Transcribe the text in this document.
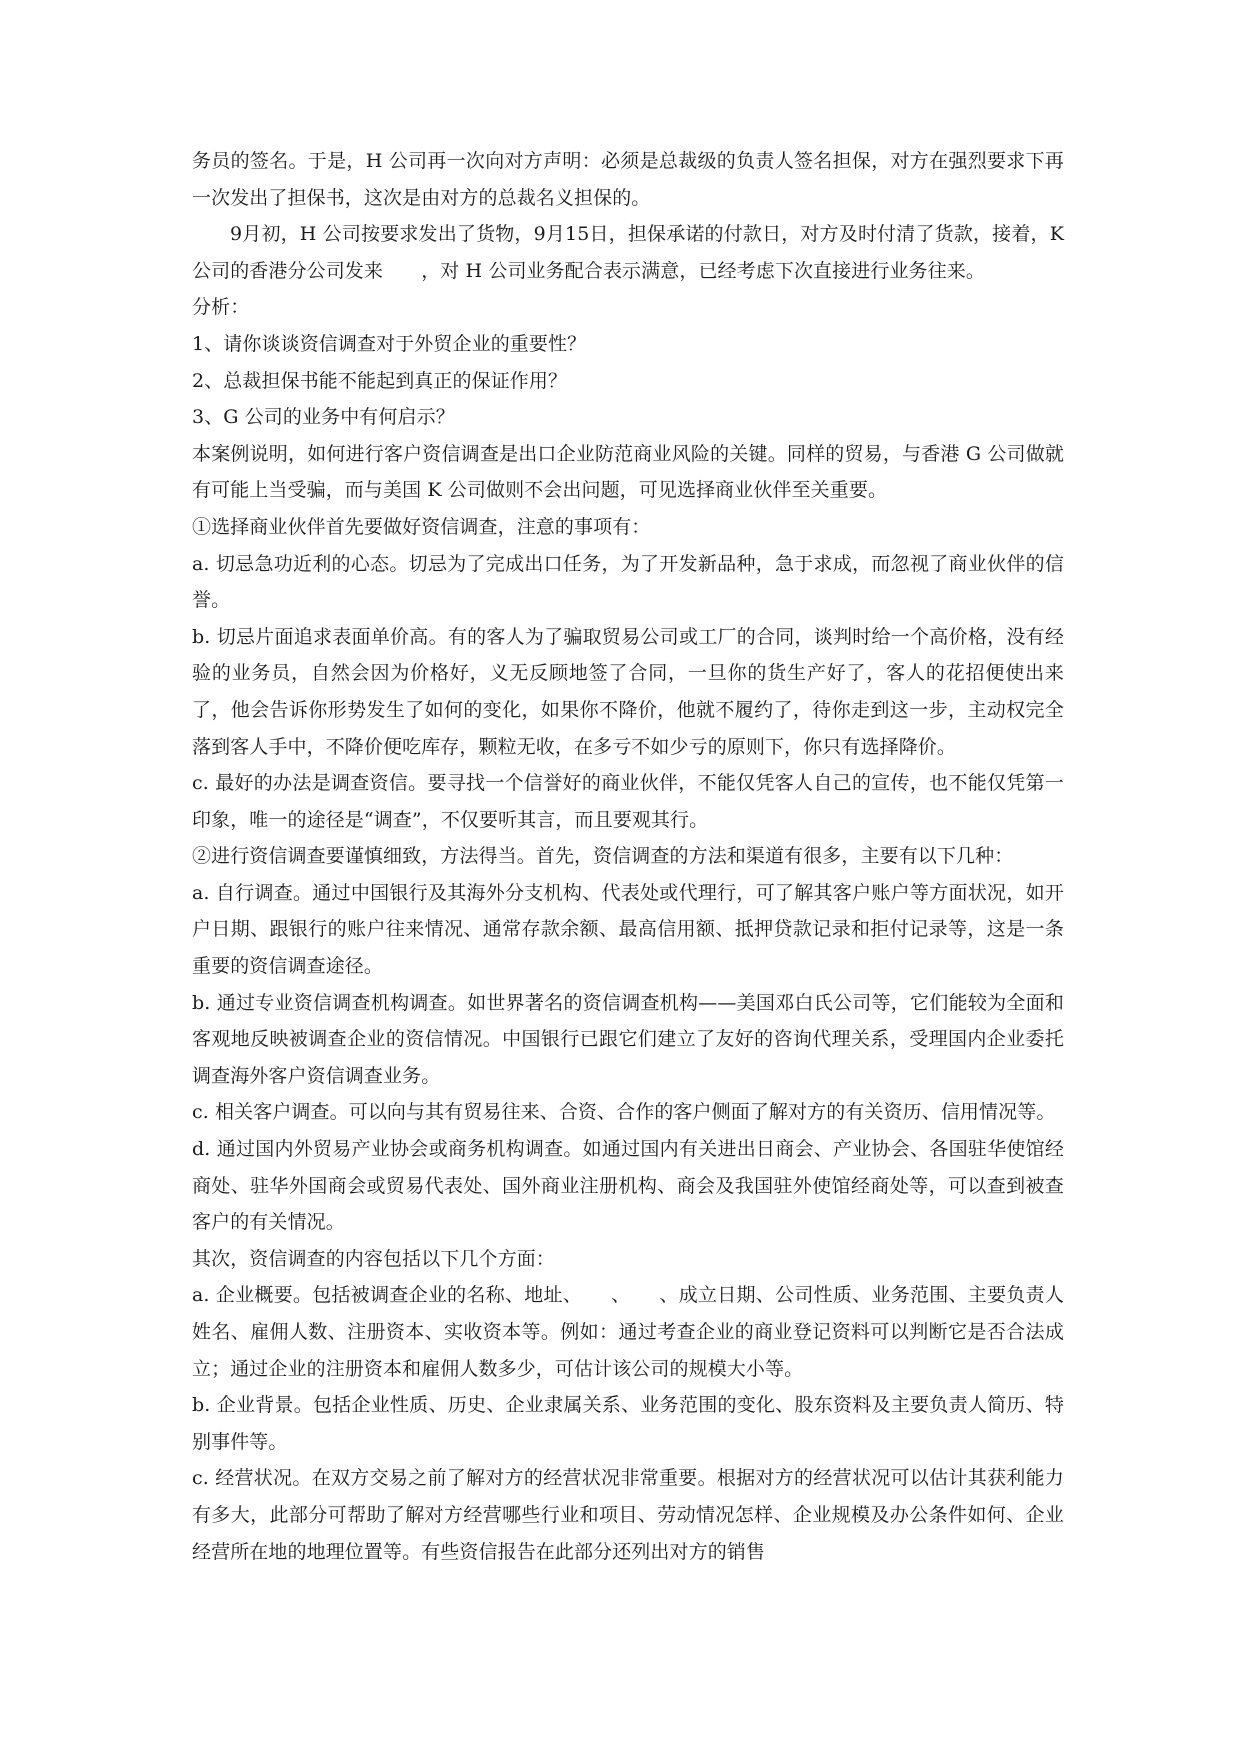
务员的签名。于是，H 公司再一次向对方声明：必须是总裁级的负责人签名担保，对方在强烈要求下再一次发出了担保书，这次是由对方的总裁名义担保的。

9月初，H 公司按要求发出了货物，9月15日，担保承诺的付款日，对方及时付清了货款，接着，K 公司的香港分公司发来　　，对 H 公司业务配合表示满意，已经考虑下次直接进行业务往来。

分析：

1、请你谈谈资信调查对于外贸企业的重要性？

2、总裁担保书能不能起到真正的保证作用？

3、G 公司的业务中有何启示？

本案例说明，如何进行客户资信调查是出口企业防范商业风险的关键。同样的贸易，与香港 G 公司做就有可能上当受骗，而与美国 K 公司做则不会出问题，可见选择商业伙伴至关重要。

①选择商业伙伴首先要做好资信调查，注意的事项有：

a. 切忌急功近利的心态。切忌为了完成出口任务，为了开发新品种，急于求成，而忽视了商业伙伴的信誉。

b. 切忌片面追求表面单价高。有的客人为了骗取贸易公司或工厂的合同，谈判时给一个高价格，没有经验的业务员，自然会因为价格好，义无反顾地签了合同，一旦你的货生产好了，客人的花招便使出来了，他会告诉你形势发生了如何的变化，如果你不降价，他就不履约了，待你走到这一步，主动权完全落到客人手中，不降价便吃库存，颗粒无收，在多亏不如少亏的原则下，你只有选择降价。

c. 最好的办法是调查资信。要寻找一个信誉好的商业伙伴，不能仅凭客人自己的宣传，也不能仅凭第一印象，唯一的途径是“调查”，不仅要听其言，而且要观其行。

②进行资信调查要谨慎细致，方法得当。首先，资信调查的方法和渠道有很多，主要有以下几种：

a. 自行调查。通过中国银行及其海外分支机构、代表处或代理行，可了解其客户账户等方面状况，如开户日期、跟银行的账户往来情况、通常存款余额、最高信用额、抵押贷款记录和拒付记录等，这是一条重要的资信调查途径。

b. 通过专业资信调查机构调查。如世界著名的资信调查机构——美国邓白氏公司等，它们能较为全面和客观地反映被调查企业的资信情况。中国银行已跟它们建立了友好的咨询代理关系，受理国内企业委托调查海外客户资信调查业务。

c. 相关客户调查。可以向与其有贸易往来、合资、合作的客户侧面了解对方的有关资历、信用情况等。

d. 通过国内外贸易产业协会或商务机构调查。如通过国内有关进出日商会、产业协会、各国驻华使馆经商处、驻华外国商会或贸易代表处、国外商业注册机构、商会及我国驻外使馆经商处等，可以查到被查客户的有关情况。

其次，资信调查的内容包括以下几个方面：

a. 企业概要。包括被调查企业的名称、地址、　　、　　、成立日期、公司性质、业务范围、主要负责人姓名、雇佣人数、注册资本、实收资本等。例如：通过考查企业的商业登记资料可以判断它是否合法成立；通过企业的注册资本和雇佣人数多少，可估计该公司的规模大小等。

b. 企业背景。包括企业性质、历史、企业隶属关系、业务范围的变化、股东资料及主要负责人简历、特别事件等。

c. 经营状况。在双方交易之前了解对方的经营状况非常重要。根据对方的经营状况可以估计其获利能力有多大，此部分可帮助了解对方经营哪些行业和项目、劳动情况怎样、企业规模及办公条件如何、企业经营所在地的地理位置等。有些资信报告在此部分还列出对方的销售
